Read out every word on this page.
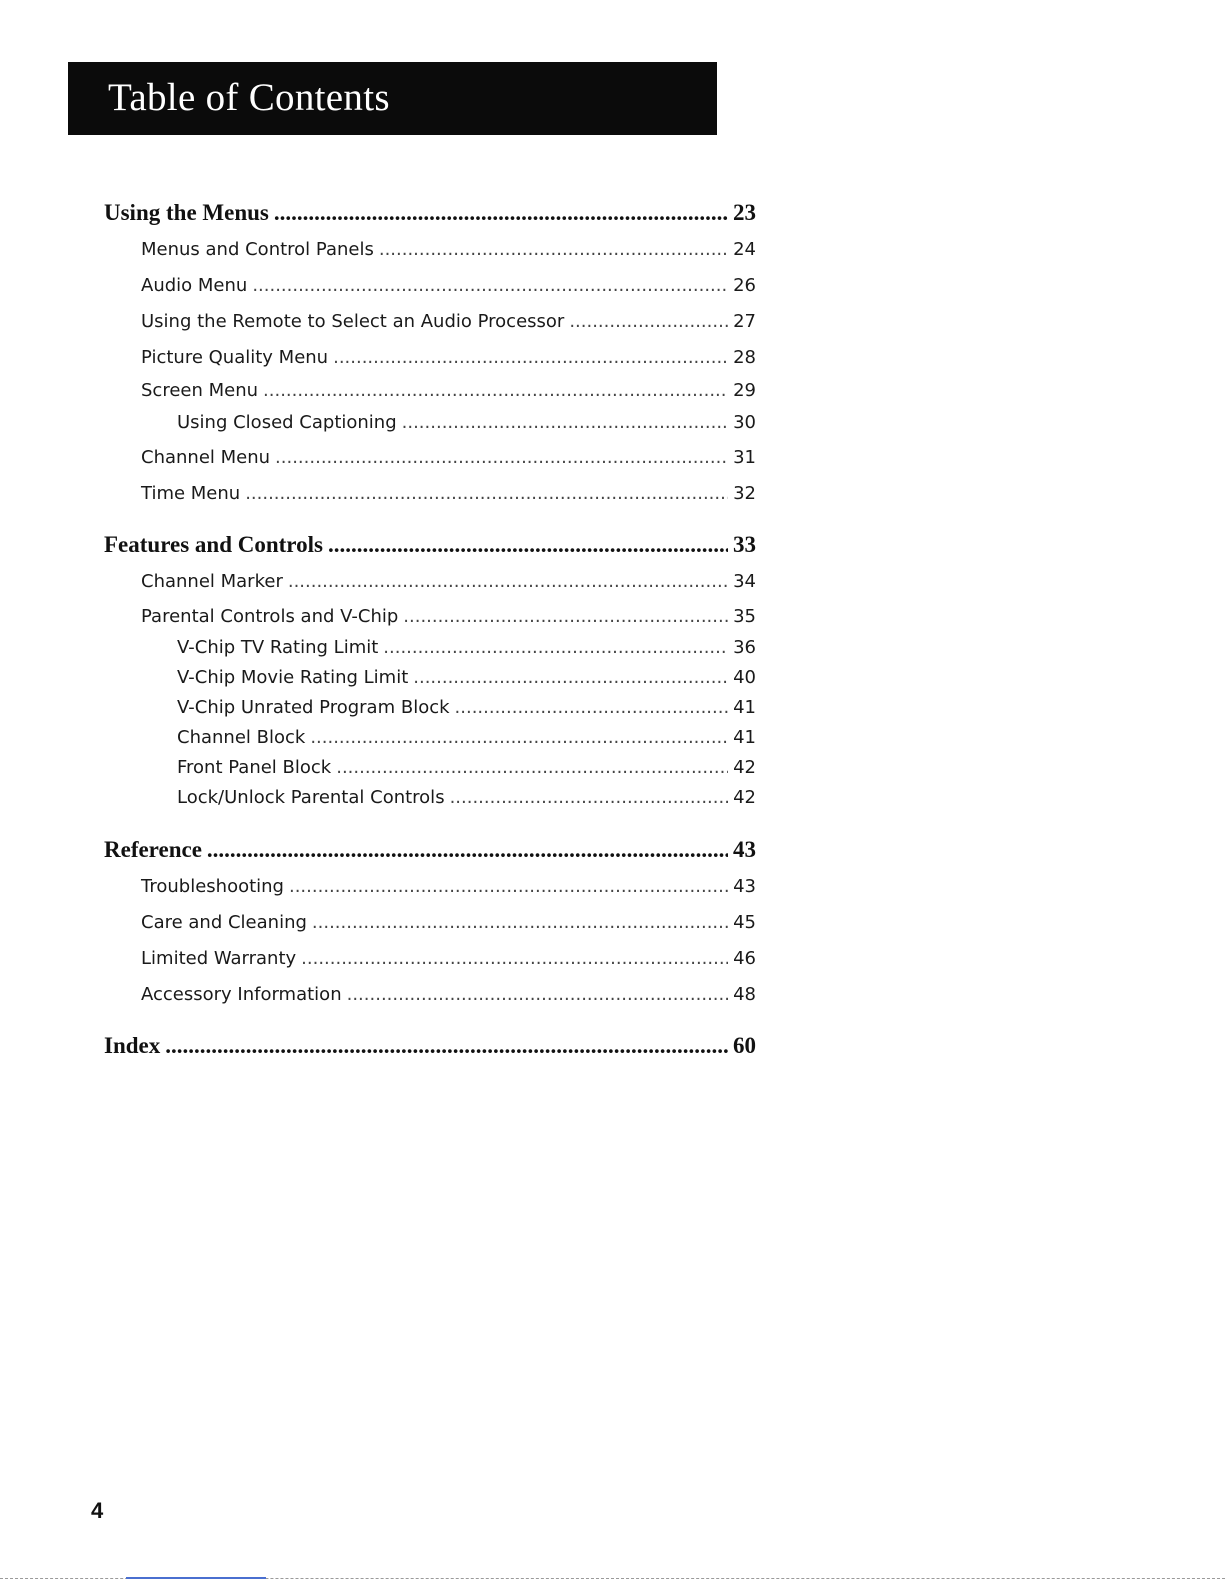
Table of Contents
Using the Menus .....	23
Menus and Control Panels .....	24
Audio Menu .....	26
Using the Remote to Select an Audio Processor .....	27
Picture Quality Menu .....	28
Screen Menu .....	29
Using Closed Captioning .....	30
Channel Menu .....	31
Time Menu .....	32
Features and Controls .....	33
Channel Marker .....	34
Parental Controls and V-Chip .....	35
V-Chip TV Rating Limit .....	36
V-Chip Movie Rating Limit .....	40
V-Chip Unrated Program Block .....	41
Channel Block .....	41
Front Panel Block .....	42
Lock/Unlock Parental Controls .....	42
Reference .....	43
Troubleshooting .....	43
Care and Cleaning .....	45
Limited Warranty .....	46
Accessory Information .....	48
Index .....	60
4
